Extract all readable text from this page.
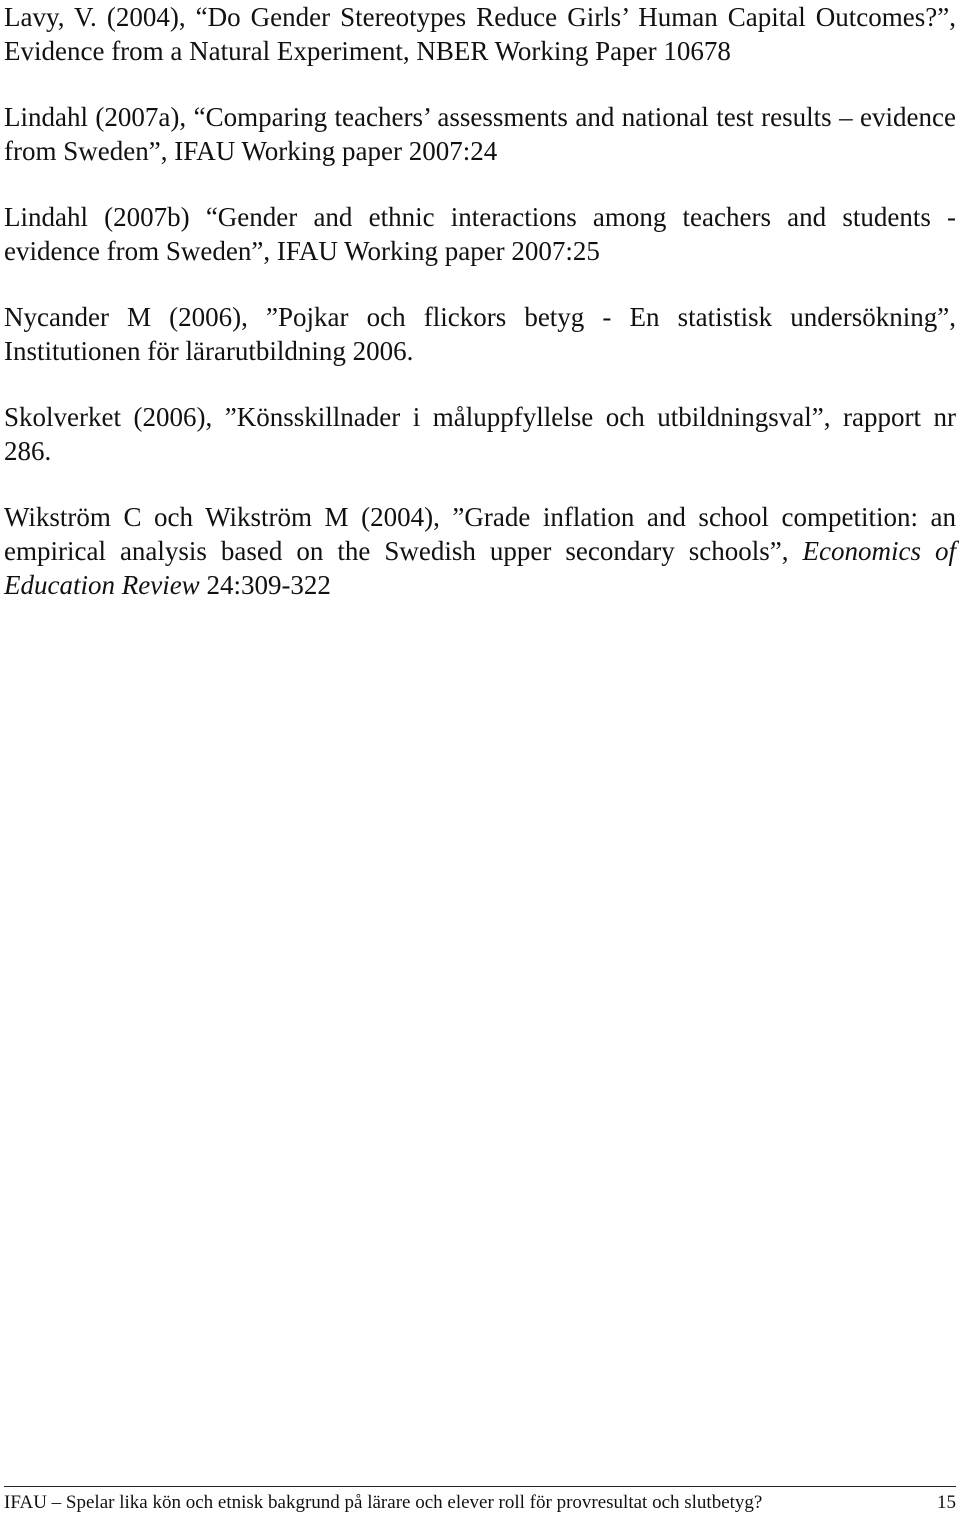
Lavy, V. (2004), “Do Gender Stereotypes Reduce Girls’ Human Capital Outcomes?”, Evidence from a Natural Experiment, NBER Working Paper 10678

Lindahl (2007a), “Comparing teachers’ assessments and national test results – evidence from Sweden”, IFAU Working paper 2007:24

Lindahl (2007b) “Gender and ethnic interactions among teachers and students - evidence from Sweden”, IFAU Working paper 2007:25

Nycander M (2006), ”Pojkar och flickors betyg - En statistisk undersökning”, Institutionen för lärarutbildning 2006.

Skolverket (2006), ”Könsskillnader i måluppfyllelse och utbildningsval”, rapport nr 286.

Wikström C och Wikström M (2004), ”Grade inflation and school competition: an empirical analysis based on the Swedish upper secondary schools”, Economics of Education Review 24:309-322

IFAU – Spelar lika kön och etnisk bakgrund på lärare och elever roll för provresultat och slutbetyg?	15
